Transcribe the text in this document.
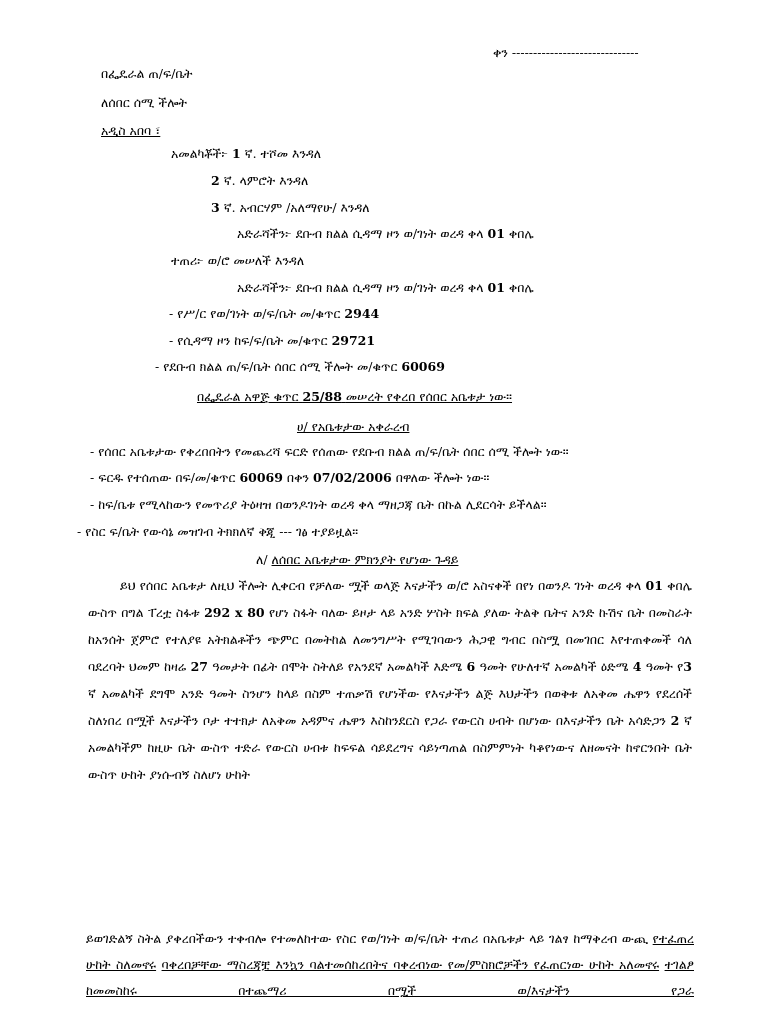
ቀን ------------------------------
በፌዴራል ጠ/ፍ/ቤት
ለሰበር ሰሚ ችሎት
አዲስ አበባ ፣
አመልካቾች፦ 1 ኛ. ተሾመ እንዳለ
2 ኛ. ላምሮት እንዳለ
3 ኛ. አብርሃም /አለማየሁ/ እንዳለ
አድራሻችን፦ ደቡብ ክልል ሲዳማ ዞን ወ/ገነት ወረዳ ቀላ 01 ቀበሌ
ተጠሪ፦ ወ/ሮ መሠለች እንዳለ
አድራሻችን፦ ደቡብ ክልል ሲዳማ ዞን ወ/ገነት ወረዳ ቀላ 01 ቀበሌ
- የሥ/ር የወ/ገነት ወ/ፍ/ቤት መ/ቁጥር 2944
- የሲዳማ ዞን ከፍ/ፍ/ቤት መ/ቁጥር 29721
- የደቡብ ክልል ጠ/ፍ/ቤት ሰበር ሰሚ ችሎት መ/ቁጥር 60069
በፌዴራል አዋጅ ቁጥር 25/88 መሠረት የቀረበ የሰበር አቤቱታ ነው።
ሀ/ የአቤቱታው አቀራረብ
- የሰበር አቤቱታው የቀረበበትን የመጨረሻ ፍርድ የሰጠው የደቡብ ክልል ጠ/ፍ/ቤት ሰበር ሰሚ ችሎት ነው።
- ፍርዱ የተሰጠው በፍ/መ/ቁጥር 60069 በቀን 07/02/2006 በዋለው ችሎት ነው።
- ከፍ/ቤቱ የሚላከውን የመጥሪያ ትዕዛዝ በወንዶገነት ወረዳ ቀላ ማዘጋጃ ቤት በኩል ሊደርሳት ይችላል።
- የስር ፍ/ቤት የውሳኔ መዝገብ ትክክለኛ ቅጂ --- ገፅ ተያይዟል።
ለ/ ለሰበር አቤቱታው ምክንያት የሆነው ጉዳይ
ይህ የሰበር አቤቱታ ለዚህ ችሎት ሊቀርብ የቻለው ሟች ወላጅ እናታችን ወ/ሮ አስናቀች በየነ በወንዶ ገነት ወረዳ ቀላ 01 ቀበሌ ውስጥ በግል ፐረቷ ስፋቱ 292 x 80 የሆነ ስፋት ባለው ይዞታ ላይ አንድ ሦስት ክፍል ያለው ትልቅ ቤትና አንድ ኩሽና ቤት በመስራት ከአንሰት ጀምሮ የተለያዩ አትክልቶችን ጭምር በመትከል ለመንግሥት የሚገባውን ሕጋዊ ግብር በስሟ በመገበር እየተጠቀመች ሳለ ባደረባት ህመም ከዛሬ 27 ዓመታት በፊት በሞት ስትለይ የአንደኛ አመልካች እድሜ 6 ዓመት የሁለተኛ አመልካች ዕድሜ 4 ዓመት የ3 ኛ አመልካች ደግሞ አንድ ዓመት ስንሆን ከላይ በስም ተጠቃሽ የሆነችው የእናታችን ልጅ እህታችን በወቅቱ ለአቅመ ሔዋን የደረሰች ስለነበረ በሟች እናታችን ቦታ ተተክታ ለአቅመ አዳምና ሔዋን እስከንደርስ የጋራ የውርስ ሀብት በሆነው በእናታችን ቤት አሳድጋን 2 ኛ አመልካችም ከዚሁ ቤት ውስጥ ተድራ የውርስ ሀብቱ ከፍፍል ሳይደረግና ሳይነጣጠል በስምምነት ካቆየነውና ለዘመናት ከኖርንበት ቤት ውስጥ ሁከት ያነሱብኝ ስለሆነ ሁከት
ይወገድልኝ ስትል ያቀረበችውን ተቀብሎ የተመለከተው የስር የወ/ገነት ወ/ፍ/ቤት ተጠሪ በአቤቱታ ላይ ገልፃ ከማቅረብ ውጪ የተፈጠረ ሁከት ስለመኖሩ ባቀረበቻቸው ማስረጃቿ እንኳን ባልተመሰከረበትና ባቀረብነው የመ/ምስክሮቻችን የፈጠርነው ሁከት አለመኖሩ ተገልፆ ከመመስከሩ በተጨማሪ በሟች ወ/እናታችን የጋራ
